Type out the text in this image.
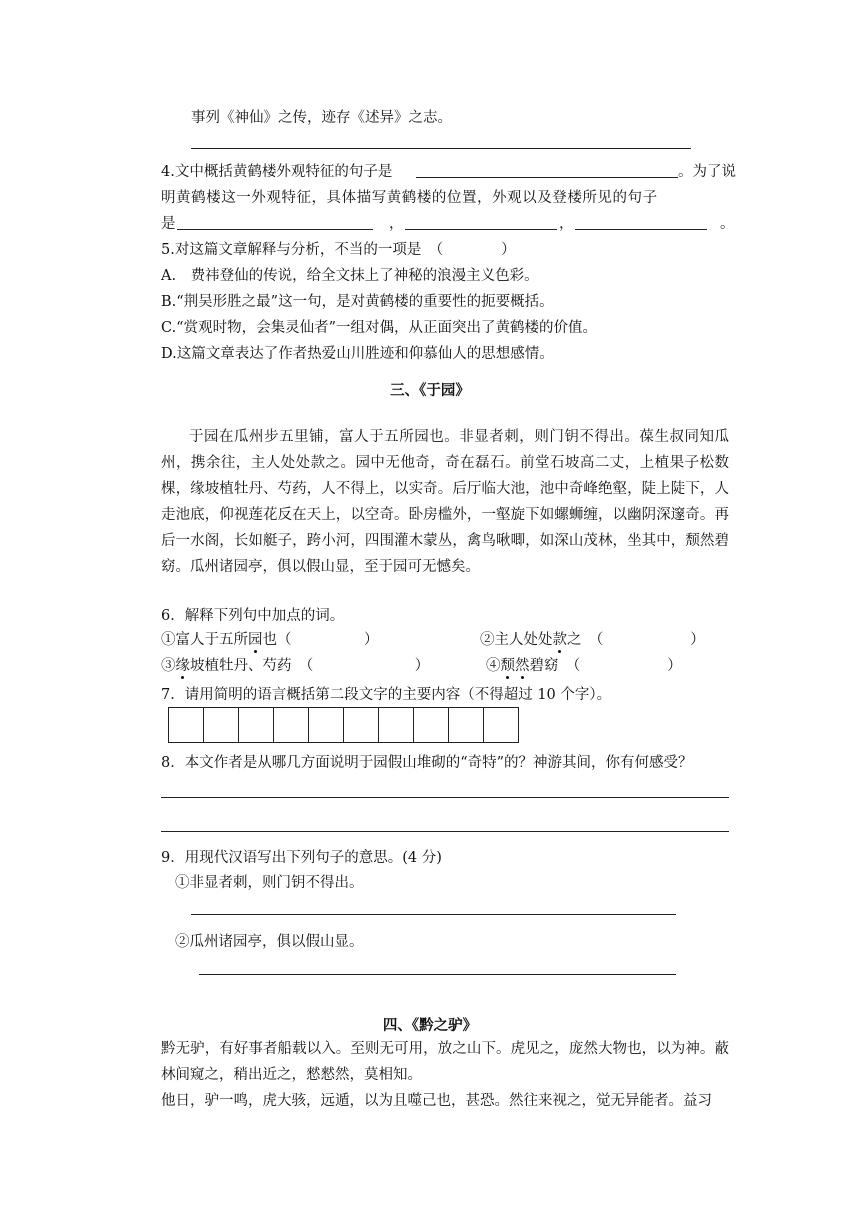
事列《神仙》之传，迹存《述异》之志。
4.文中概括黄鹤楼外观特征的句子是	。为了说
明黄鹤楼这一外观特征，具体描写黄鹤楼的位置，外观以及登楼所见的句子
是	，	，	。
5.对这篇文章解释与分析，不当的一项是　（　　　　）
A.　费祎登仙的传说，给全文抹上了神秘的浪漫主义色彩。
B.“荆吴形胜之最”这一句，是对黄鹤楼的重要性的扼要概括。
C.“赏观时物，会集灵仙者”一组对偶，从正面突出了黄鹤楼的价值。
D.这篇文章表达了作者热爱山川胜迹和仰慕仙人的思想感情。
三、《于园》
于园在瓜州步五里铺，富人于五所园也。非显者刺，则门钥不得出。葆生叔同知瓜州，携余往，主人处处款之。园中无他奇，奇在磊石。前堂石坡高二丈，上植果子松数棵，缘坡植牡丹、芍药，人不得上，以实奇。后厅临大池，池中奇峰绝壑，陡上陡下，人走池底，仰视莲花反在天上，以空奇。卧房槛外，一壑旋下如螺蛳缠，以幽阴深邃奇。再后一水阁，长如艇子，跨小河，四围灌木蒙丛，禽鸟啾唧，如深山茂林，坐其中，颓然碧窈。瓜州诸园亭，俱以假山显，至于园可无憾矣。
6．解释下列句中加点的词。
①富人于五所园也（　　　　　）	②主人处处款之　（　　　　　　）
③缘坡植牡丹、芍药　（　　　　　　　）	④颓然碧窈　（　　　　　　）
7．请用简明的语言概括第二段文字的主要内容（不得超过 10 个字）。
8．本文作者是从哪几方面说明于园假山堆砌的“奇特”的？神游其间，你有何感受？
9．用现代汉语写出下列句子的意思。(4 分)
①非显者刺，则门钥不得出。
②瓜州诸园亭，俱以假山显。
四、《黔之驴》
黔无驴，有好事者船载以入。至则无可用，放之山下。虎见之，庞然大物也，以为神。蔽林间窥之，稍出近之，憖憖然，莫相知。
他日，驴一鸣，虎大骇，远遁，以为且噬己也，甚恐。然往来视之，觉无异能者。益习
